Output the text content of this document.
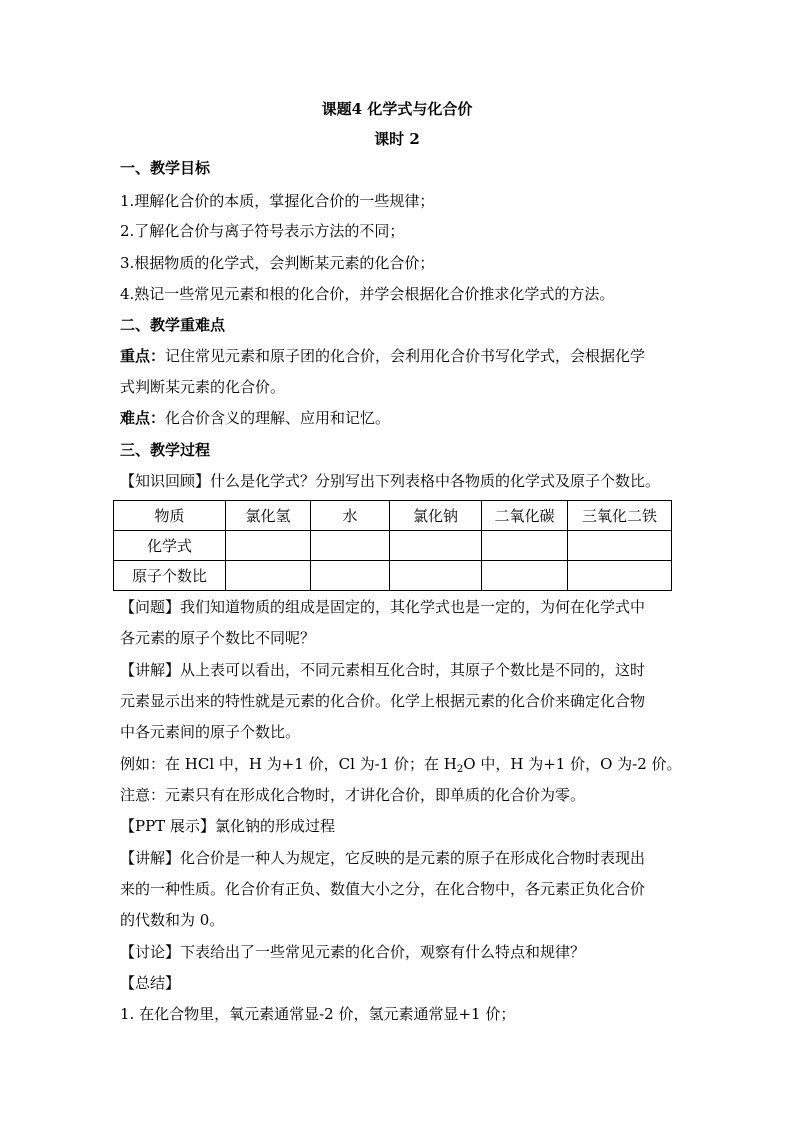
课题4 化学式与化合价
课时 2
一、教学目标
1.理解化合价的本质，掌握化合价的一些规律；
2.了解化合价与离子符号表示方法的不同；
3.根据物质的化学式，会判断某元素的化合价；
4.熟记一些常见元素和根的化合价，并学会根据化合价推求化学式的方法。
二、教学重难点
重点：记住常见元素和原子团的化合价，会利用化合价书写化学式，会根据化学
式判断某元素的化合价。
难点：化合价含义的理解、应用和记忆。
三、教学过程
【知识回顾】什么是化学式？分别写出下列表格中各物质的化学式及原子个数比。
物质	氯化氢	水	氯化钠	二氧化碳	三氧化二铁
化学式					
原子个数比					
【问题】我们知道物质的组成是固定的，其化学式也是一定的，为何在化学式中
各元素的原子个数比不同呢？
【讲解】从上表可以看出，不同元素相互化合时，其原子个数比是不同的，这时
元素显示出来的特性就是元素的化合价。化学上根据元素的化合价来确定化合物
中各元素间的原子个数比。
例如：在 HCl 中，H 为+1 价，Cl 为-1 价；在 $H_2O$ 中，H 为+1 价，O 为-2 价。
注意：元素只有在形成化合物时，才讲化合价，即单质的化合价为零。
【PPT 展示】氯化钠的形成过程
【讲解】化合价是一种人为规定，它反映的是元素的原子在形成化合物时表现出
来的一种性质。化合价有正负、数值大小之分，在化合物中，各元素正负化合价
的代数和为 0。
【讨论】下表给出了一些常见元素的化合价，观察有什么特点和规律？
【总结】
1. 在化合物里，氧元素通常显-2 价，氢元素通常显+1 价；
